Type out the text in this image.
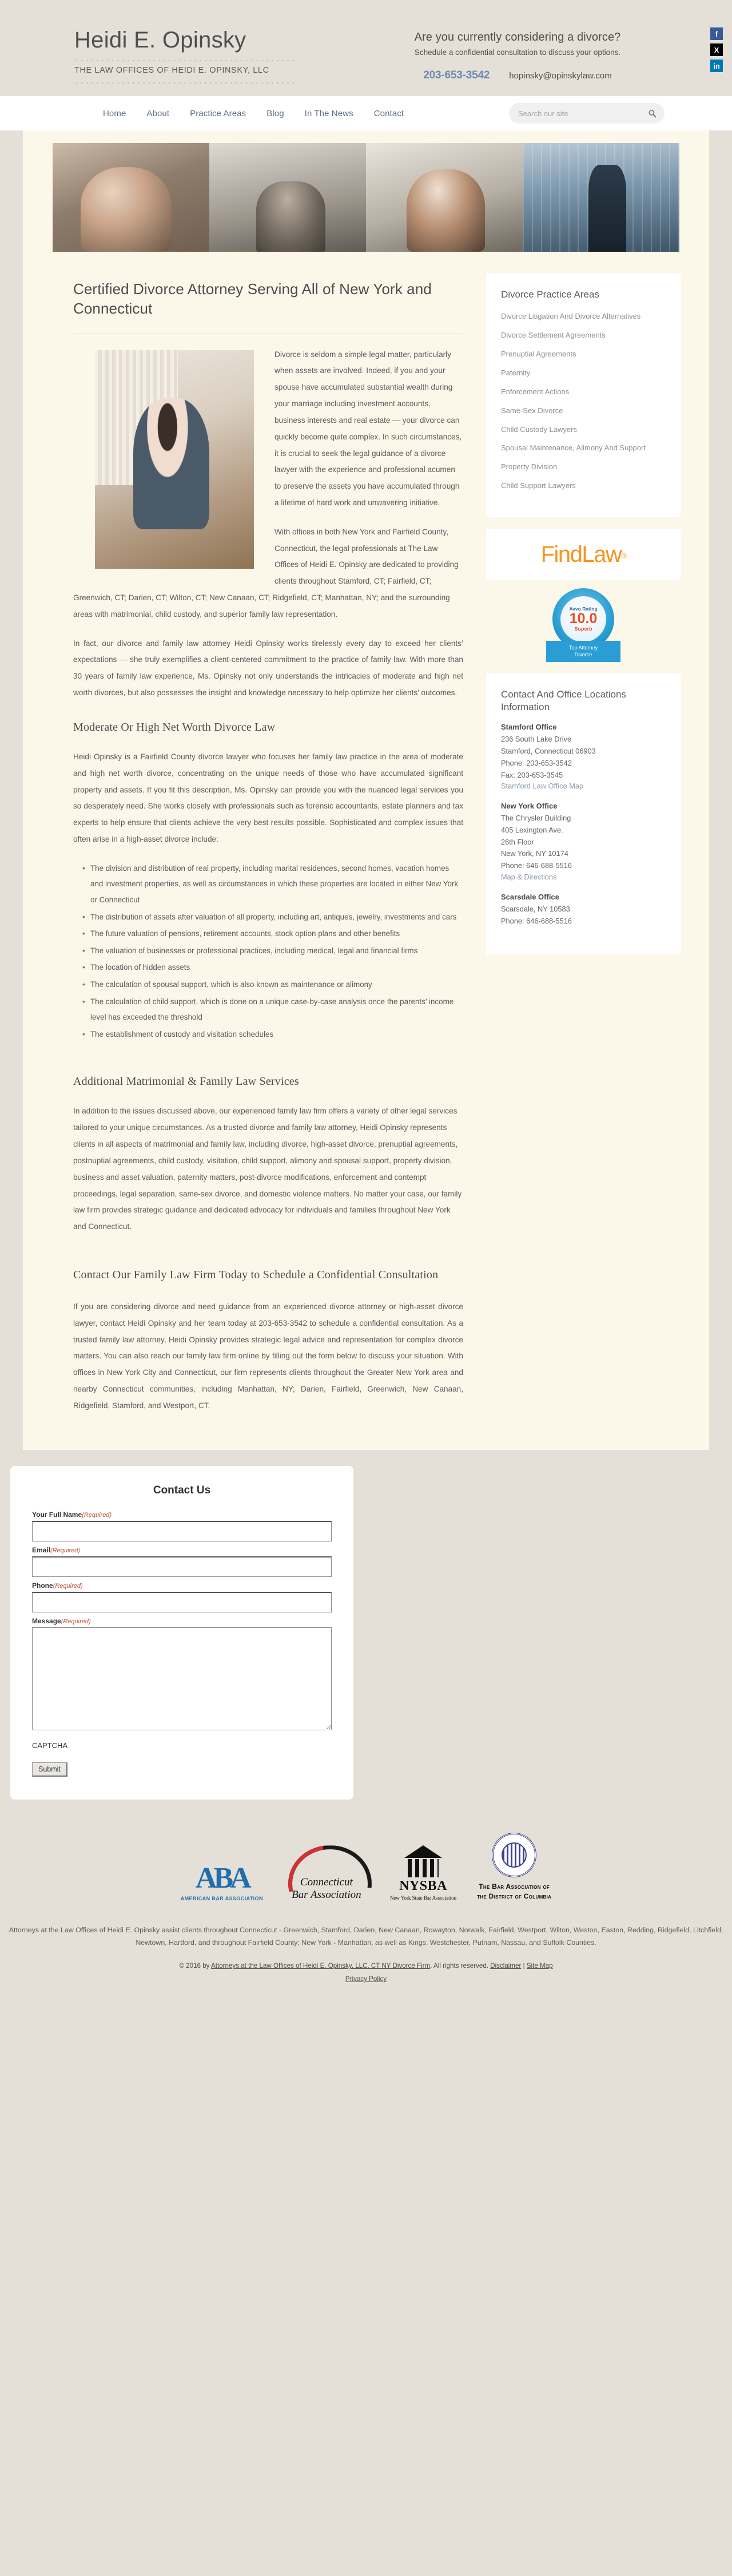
Heidi E. Opinsky
THE LAW OFFICES OF HEIDI E. OPINSKY, LLC
Are you currently considering a divorce?
Schedule a confidential consultation to discuss your options.
203-653-3542 hopinsky@opinskylaw.com
f
X
in
Home About Practice Areas Blog In The News Contact
Search our site
Certified Divorce Attorney Serving All of New York and Connecticut

Divorce is seldom a simple legal matter, particularly when assets are involved. Indeed, if you and your spouse have accumulated substantial wealth during your marriage including investment accounts, business interests and real estate — your divorce can quickly become quite complex. In such circumstances, it is crucial to seek the legal guidance of a divorce lawyer with the experience and professional acumen to preserve the assets you have accumulated through a lifetime of hard work and unwavering initiative.

With offices in both New York and Fairfield County, Connecticut, the legal professionals at The Law Offices of Heidi E. Opinsky are dedicated to providing clients throughout Stamford, CT; Fairfield, CT; Greenwich, CT; Darien, CT; Wilton, CT; New Canaan, CT; Ridgefield, CT; Manhattan, NY; and the surrounding areas with matrimonial, child custody, and superior family law representation.

In fact, our divorce and family law attorney Heidi Opinsky works tirelessly every day to exceed her clients’ expectations — she truly exemplifies a client-centered commitment to the practice of family law. With more than 30 years of family law experience, Ms. Opinsky not only understands the intricacies of moderate and high net worth divorces, but also possesses the insight and knowledge necessary to help optimize her clients’ outcomes.

Moderate Or High Net Worth Divorce Law

Heidi Opinsky is a Fairfield County divorce lawyer who focuses her family law practice in the area of moderate and high net worth divorce, concentrating on the unique needs of those who have accumulated significant property and assets. If you fit this description, Ms. Opinsky can provide you with the nuanced legal services you so desperately need. She works closely with professionals such as forensic accountants, estate planners and tax experts to help ensure that clients achieve the very best results possible. Sophisticated and complex issues that often arise in a high-asset divorce include:

• The division and distribution of real property, including marital residences, second homes, vacation homes and investment properties, as well as circumstances in which these properties are located in either New York or Connecticut
• The distribution of assets after valuation of all property, including art, antiques, jewelry, investments and cars
• The future valuation of pensions, retirement accounts, stock option plans and other benefits
• The valuation of businesses or professional practices, including medical, legal and financial firms
• The location of hidden assets
• The calculation of spousal support, which is also known as maintenance or alimony
• The calculation of child support, which is done on a unique case-by-case analysis once the parents’ income level has exceeded the threshold
• The establishment of custody and visitation schedules
Additional Matrimonial & Family Law Services

In addition to the issues discussed above, our experienced family law firm offers a variety of other legal services tailored to your unique circumstances. As a trusted divorce and family law attorney, Heidi Opinsky represents clients in all aspects of matrimonial and family law, including divorce, high-asset divorce, prenuptial agreements, postnuptial agreements, child custody, visitation, child support, alimony and spousal support, property division, business and asset valuation, paternity matters, post-divorce modifications, enforcement and contempt proceedings, legal separation, same-sex divorce, and domestic violence matters. No matter your case, our family law firm provides strategic guidance and dedicated advocacy for individuals and families throughout New York and Connecticut.

Contact Our Family Law Firm Today to Schedule a Confidential Consultation

If you are considering divorce and need guidance from an experienced divorce attorney or high-asset divorce lawyer, contact Heidi Opinsky and her team today at 203-653-3542 to schedule a confidential consultation. As a trusted family law attorney, Heidi Opinsky provides strategic legal advice and representation for complex divorce matters. You can also reach our family law firm online by filling out the form below to discuss your situation. With offices in New York City and Connecticut, our firm represents clients throughout the Greater New York area and nearby Connecticut communities, including Manhattan, NY; Darien, Fairfield, Greenwich, New Canaan, Ridgefield, Stamford, and Westport, CT.

Divorce Practice Areas
Divorce Litigation And Divorce Alternatives
Divorce Settlement Agreements
Prenuptial Agreements
Paternity
Enforcement Actions
Same-Sex Divorce
Child Custody Lawyers
Spousal Maintenance, Alimony And Support
Property Division
Child Support Lawyers
FindLaw®
Avvo Rating
10.0
Superb
Top Attorney
Divorce
Contact And Office Locations Information
Stamford Office
236 South Lake Drive
Stamford, Connecticut 06903
Phone: 203-653-3542
Fax: 203-653-3545
Stamford Law Office Map
New York Office
The Chrysler Building
405 Lexington Ave.
26th Floor
New York, NY 10174
Phone: 646-688-5516
Map & Directions
Scarsdale Office
Scarsdale, NY 10583
Phone: 646-688-5516
Contact Us
Your Full Name(Required)
Email(Required)
Phone(Required)
Message(Required)
CAPTCHA
Submit
ABA
AMERICAN BAR ASSOCIATION
Connecticut
Bar Association
NYSBA
New York State Bar Association
The Bar Association of
the District of Columbia
Attorneys at the Law Offices of Heidi E. Opinsky assist clients throughout Connecticut - Greenwich, Stamford, Darien, New Canaan, Rowayton, Norwalk, Fairfield, Westport, Wilton, Weston, Easton, Redding, Ridgefield, Litchfield, Newtown, Hartford, and throughout Fairfield County; New York - Manhattan, as well as Kings, Westchester, Putnam, Nassau, and Suffolk Counties.
© 2016 by Attorneys at the Law Offices of Heidi E. Opinsky, LLC, CT NY Divorce Firm. All rights reserved. Disclaimer | Site Map
Privacy Policy
